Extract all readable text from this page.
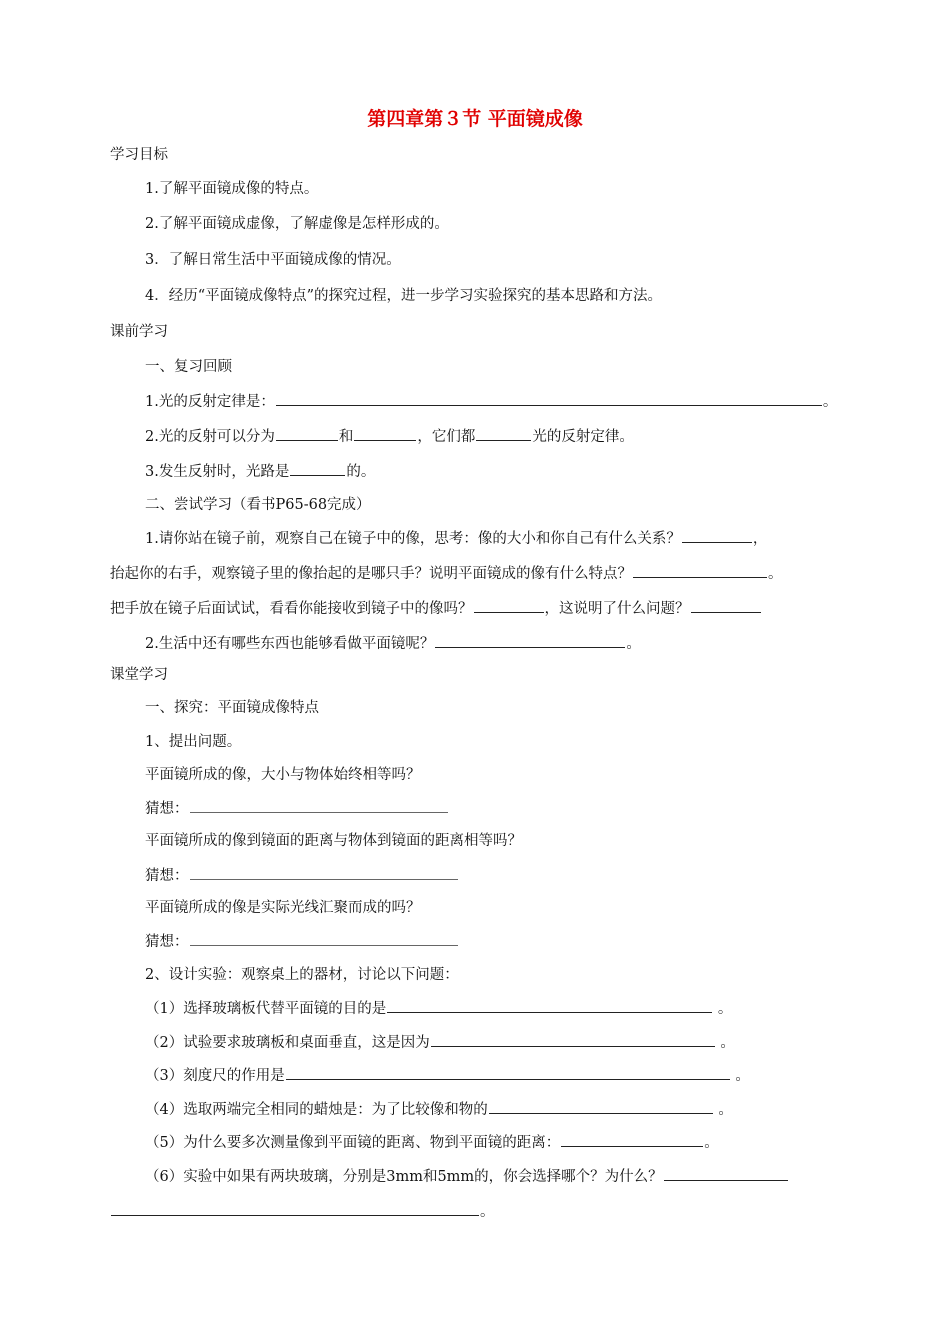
第四章第３节 平面镜成像
学习目标
1.了解平面镜成像的特点。
2.了解平面镜成虚像，了解虚像是怎样形成的。
3．了解日常生活中平面镜成像的情况。
4．经历“平面镜成像特点”的探究过程，进一步学习实验探究的基本思路和方法。
课前学习
一、复习回顾
1.光的反射定律是：	。
2.光的反射可以分为	和	，它们都	光的反射定律。
3.发生反射时，光路是	的。
二、尝试学习（看书P65-68完成）
1.请你站在镜子前，观察自己在镜子中的像，思考：像的大小和你自己有什么关系？	，
抬起你的右手，观察镜子里的像抬起的是哪只手？说明平面镜成的像有什么特点？	。
把手放在镜子后面试试，看看你能接收到镜子中的像吗？	，这说明了什么问题？
2.生活中还有哪些东西也能够看做平面镜呢？	。
课堂学习
一、探究：平面镜成像特点
1、提出问题。
平面镜所成的像，大小与物体始终相等吗？
猜想：
平面镜所成的像到镜面的距离与物体到镜面的距离相等吗？
猜想：
平面镜所成的像是实际光线汇聚而成的吗？
猜想：
2、设计实验：观察桌上的器材，讨论以下问题：
（1）选择玻璃板代替平面镜的目的是	。
（2）试验要求玻璃板和桌面垂直，这是因为	。
（3）刻度尺的作用是	。
（4）选取两端完全相同的蜡烛是：为了比较像和物的	。
（5）为什么要多次测量像到平面镜的距离、物到平面镜的距离：	。
（6）实验中如果有两块玻璃，分别是3mm和5mm的，你会选择哪个？为什么？
。
